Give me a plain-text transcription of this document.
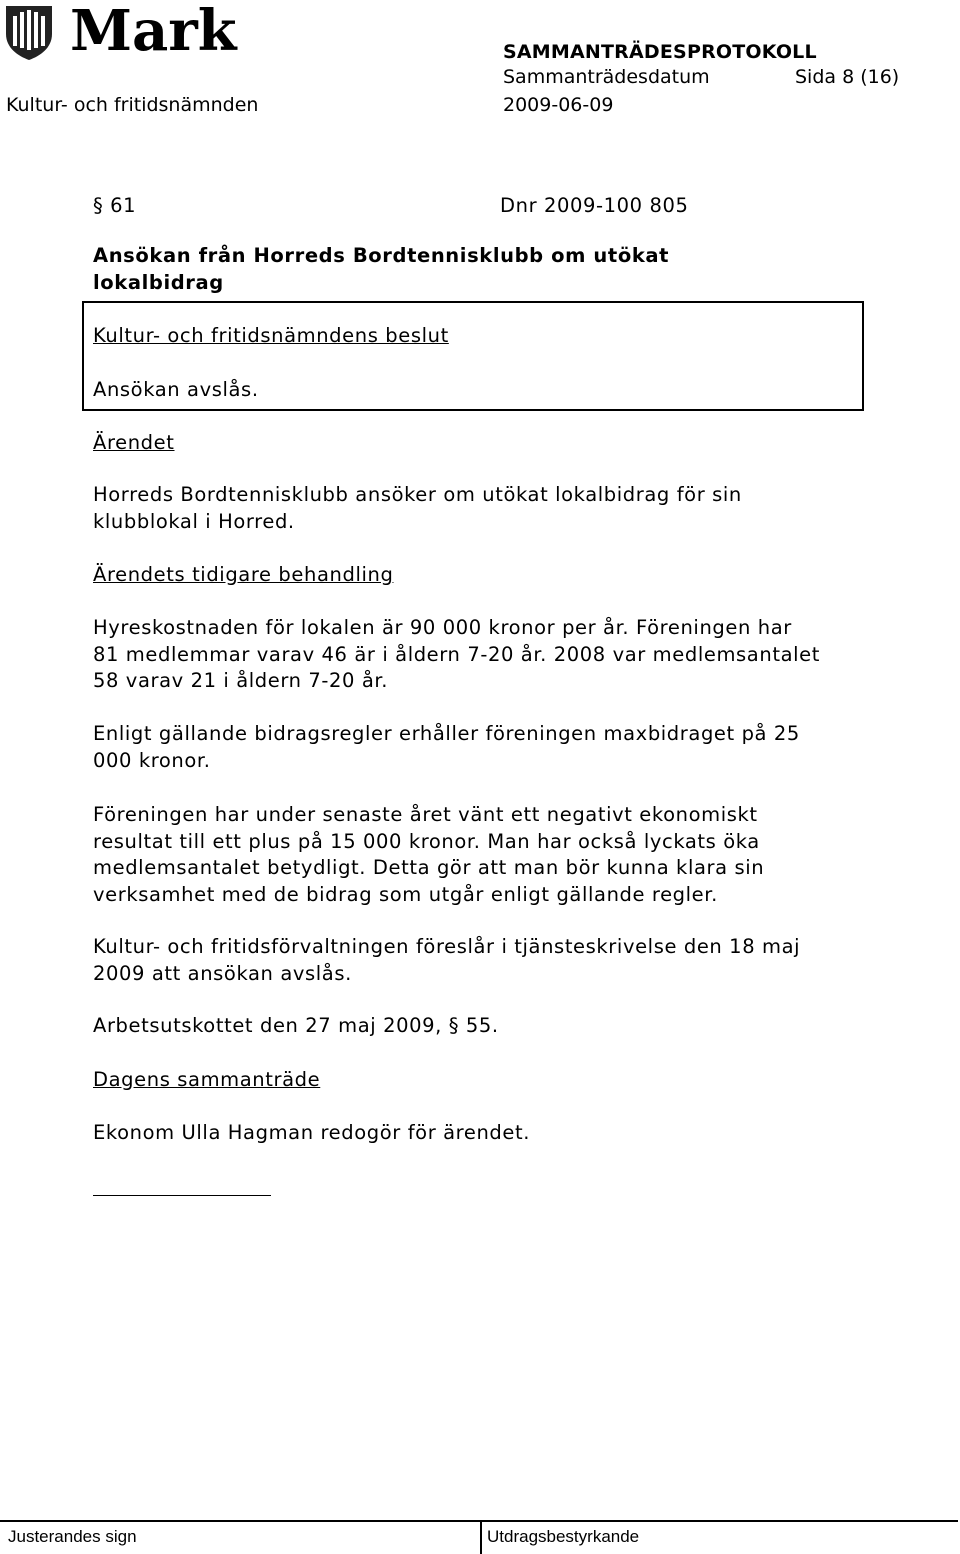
Mark	SAMMANTRÄDESPROTOKOLL
Sammanträdesdatum	Sida 8 (16)
Kultur- och fritidsnämnden	2009-06-09
§ 61	Dnr 2009-100 805
Ansökan från Horreds Bordtennisklubb om utökat lokalbidrag
Kultur- och fritidsnämndens beslut
Ansökan avslås.
Ärendet
Horreds Bordtennisklubb ansöker om utökat lokalbidrag för sin klubblokal i Horred.
Ärendets tidigare behandling
Hyreskostnaden för lokalen är 90 000 kronor per år. Föreningen har 81 medlemmar varav 46 är i åldern 7-20 år. 2008 var medlemsantalet 58 varav 21 i åldern 7-20 år.
Enligt gällande bidragsregler erhåller föreningen maxbidraget på 25 000 kronor.
Föreningen har under senaste året vänt ett negativt ekonomiskt resultat till ett plus på 15 000 kronor. Man har också lyckats öka medlemsantalet betydligt. Detta gör att man bör kunna klara sin verksamhet med de bidrag som utgår enligt gällande regler.
Kultur- och fritidsförvaltningen föreslår i tjänsteskrivelse den 18 maj 2009 att ansökan avslås.
Arbetsutskottet den 27 maj 2009, § 55.
Dagens sammanträde
Ekonom Ulla Hagman redogör för ärendet.
Justerandes sign	Utdragsbestyrkande
